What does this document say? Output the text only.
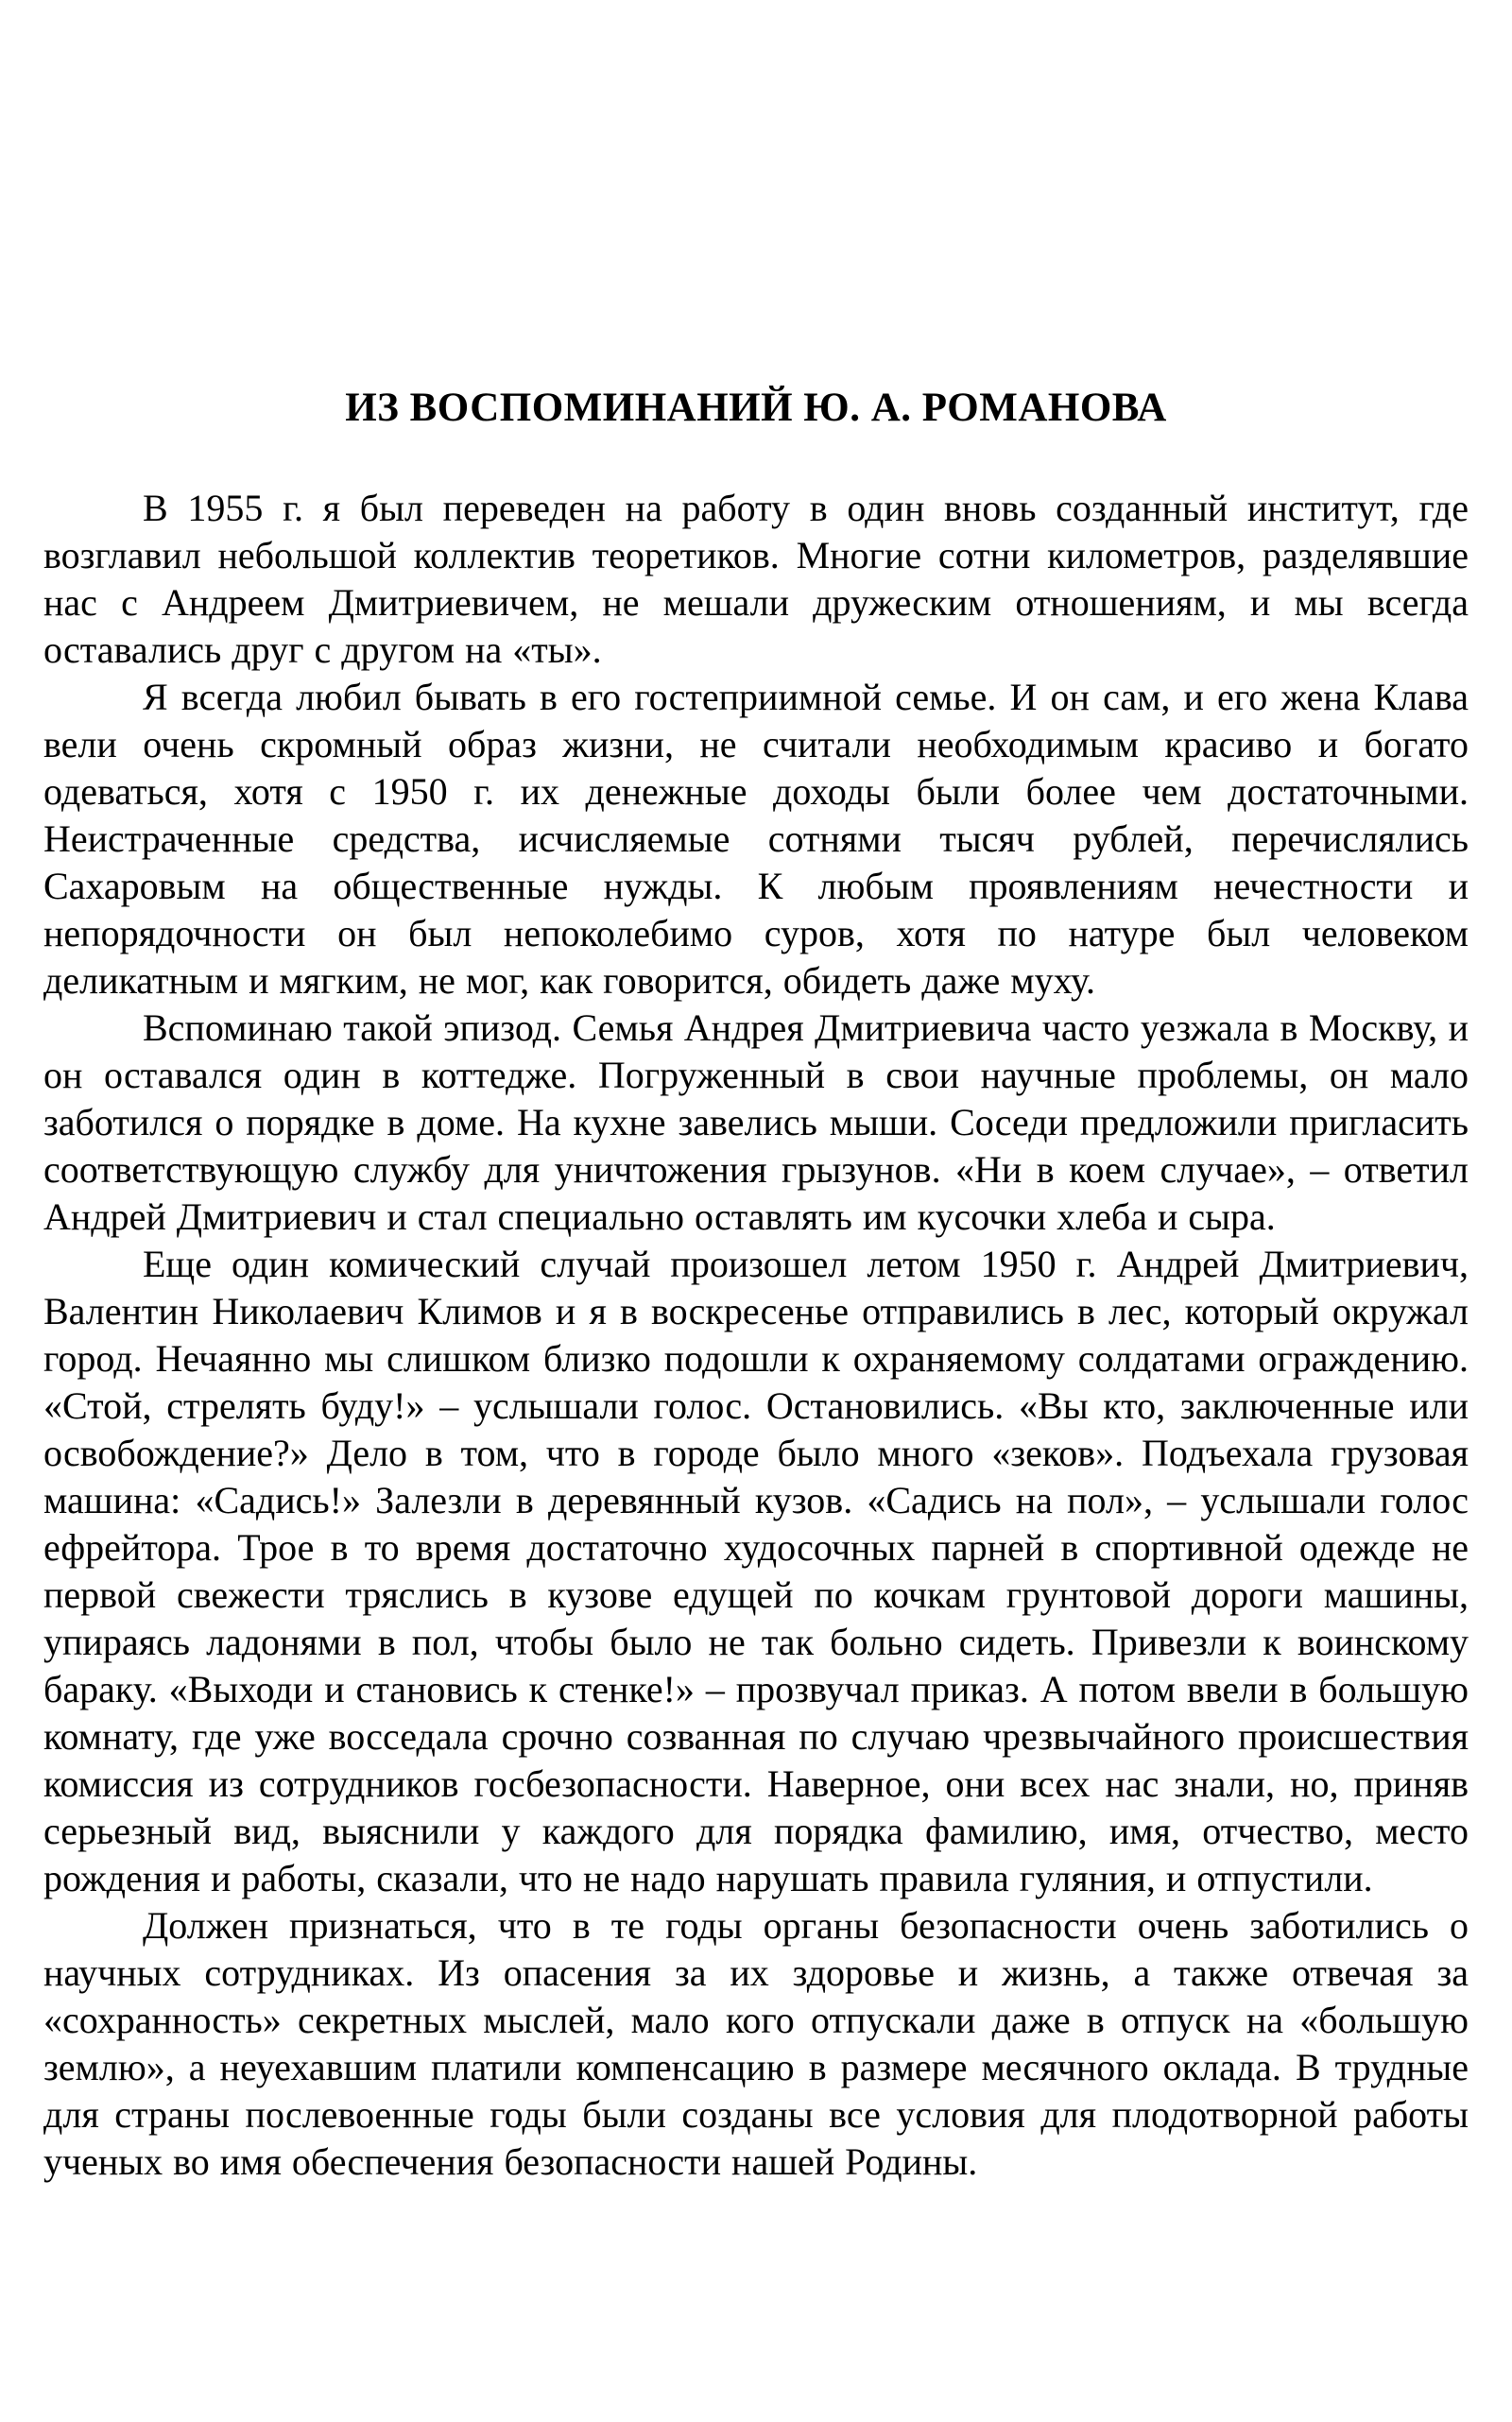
ИЗ ВОСПОМИНАНИЙ Ю. А. РОМАНОВА

В 1955 г. я был переведен на работу в один вновь созданный институт, где возглавил небольшой коллектив теоретиков. Многие сотни километров, разделявшие нас с Андреем Дмитриевичем, не мешали дружеским отношениям, и мы всегда оставались друг с другом на «ты».

Я всегда любил бывать в его гостеприимной семье. И он сам, и его жена Клава вели очень скромный образ жизни, не считали необходимым красиво и богато одеваться, хотя с 1950 г. их денежные доходы были более чем достаточными. Неистраченные средства, исчисляемые сотнями тысяч рублей, перечислялись Сахаровым на общественные нужды. К любым проявлениям нечестности и непорядочности он был непоколебимо суров, хотя по натуре был человеком деликатным и мягким, не мог, как говорится, обидеть даже муху.

Вспоминаю такой эпизод. Семья Андрея Дмитриевича часто уезжала в Москву, и он оставался один в коттедже. Погруженный в свои научные проблемы, он мало заботился о порядке в доме. На кухне завелись мыши. Соседи предложили пригласить соответствующую службу для уничтожения грызунов. «Ни в коем случае», – ответил Андрей Дмитриевич и стал специально оставлять им кусочки хлеба и сыра.

Еще один комический случай произошел летом 1950 г. Андрей Дмитриевич, Валентин Николаевич Климов и я в воскресенье отправились в лес, который окружал город. Нечаянно мы слишком близко подошли к охраняемому солдатами ограждению. «Стой, стрелять буду!» – услышали голос. Остановились. «Вы кто, заключенные или освобождение?» Дело в том, что в городе было много «зеков». Подъехала грузовая машина: «Садись!» Залезли в деревянный кузов. «Садись на пол», – услышали голос ефрейтора. Трое в то время достаточно худосочных парней в спортивной одежде не первой свежести тряслись в кузове едущей по кочкам грунтовой дороги машины, упираясь ладонями в пол, чтобы было не так больно сидеть. Привезли к воинскому бараку. «Выходи и становись к стенке!» – прозвучал приказ. А потом ввели в большую комнату, где уже восседала срочно созванная по случаю чрезвычайного происшествия комиссия из сотрудников госбезопасности. Наверное, они всех нас знали, но, приняв серьезный вид, выяснили у каждого для порядка фамилию, имя, отчество, место рождения и работы, сказали, что не надо нарушать правила гуляния, и отпустили.

Должен признаться, что в те годы органы безопасности очень заботились о научных сотрудниках. Из опасения за их здоровье и жизнь, а также отвечая за «сохранность» секретных мыслей, мало кого отпускали даже в отпуск на «большую землю», а неуехавшим платили компенсацию в размере месячного оклада. В трудные для страны послевоенные годы были созданы все условия для плодотворной работы ученых во имя обеспечения безопасности нашей Родины.
